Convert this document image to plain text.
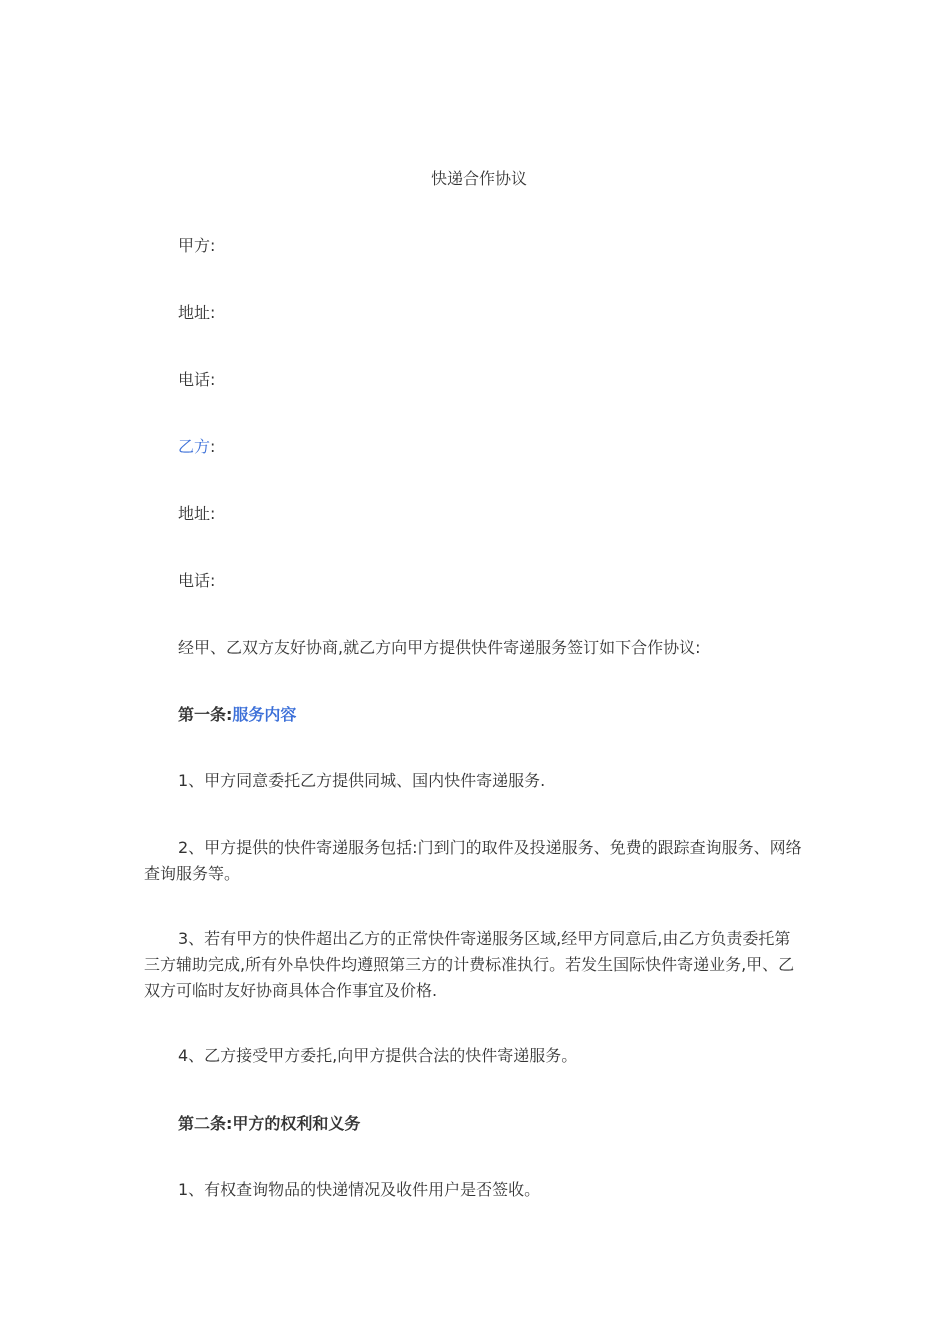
快递合作协议
甲方:
地址:
电话:
乙方:
地址:
电话:
经甲、乙双方友好协商,就乙方向甲方提供快件寄递服务签订如下合作协议:
第一条:服务内容
1、甲方同意委托乙方提供同城、国内快件寄递服务.
2、甲方提供的快件寄递服务包括:门到门的取件及投递服务、免费的跟踪查询服务、网络查询服务等。
3、若有甲方的快件超出乙方的正常快件寄递服务区域,经甲方同意后,由乙方负责委托第三方辅助完成,所有外阜快件均遵照第三方的计费标准执行。若发生国际快件寄递业务,甲、乙双方可临时友好协商具体合作事宜及价格.
4、乙方接受甲方委托,向甲方提供合法的快件寄递服务。
第二条:甲方的权利和义务
1、有权查询物品的快递情况及收件用户是否签收。
